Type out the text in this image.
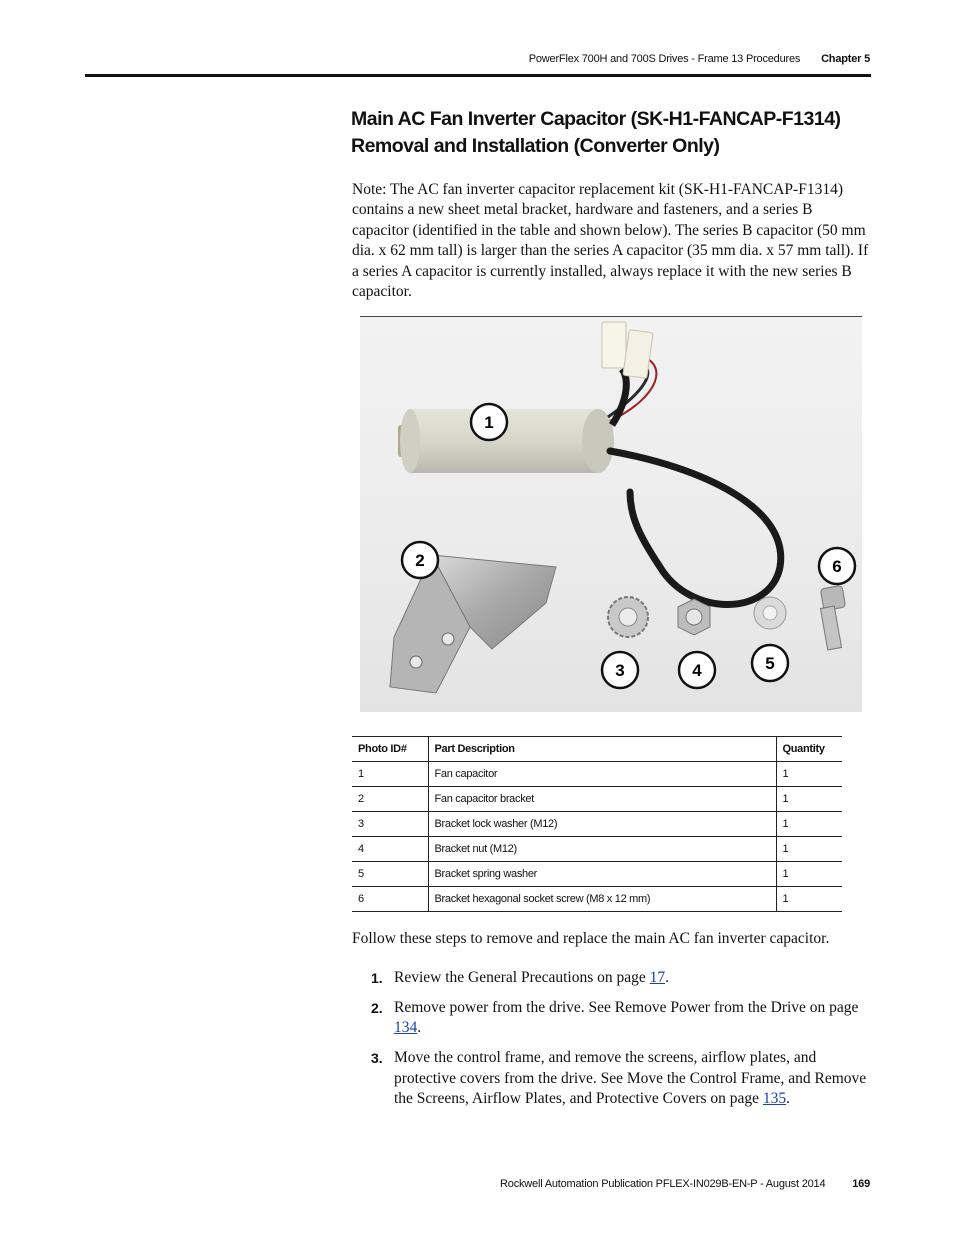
PowerFlex 700H and 700S Drives - Frame 13 Procedures Chapter 5
Main AC Fan Inverter Capacitor (SK-H1-FANCAP-F1314) Removal and Installation (Converter Only)

Note: The AC fan inverter capacitor replacement kit (SK-H1-FANCAP-F1314) contains a new sheet metal bracket, hardware and fasteners, and a series B capacitor (identified in the table and shown below). The series B capacitor (50 mm dia. x 62 mm tall) is larger than the series A capacitor (35 mm dia. x 57 mm tall). If a series A capacitor is currently installed, always replace it with the new series B capacitor.

1
2
3	4	5
6
Photo ID#	Part Description	Quantity
1	Fan capacitor	1
2	Fan capacitor bracket	1
3	Bracket lock washer (M12)	1
4	Bracket nut (M12)	1
5	Bracket spring washer	1
6	Bracket hexagonal socket screw (M8 x 12 mm)	1

Follow these steps to remove and replace the main AC fan inverter capacitor.

1. Review the General Precautions on page 17.
2. Remove power from the drive. See Remove Power from the Drive on page 134.
3. Move the control frame, and remove the screens, airflow plates, and protective covers from the drive. See Move the Control Frame, and Remove the Screens, Airflow Plates, and Protective Covers on page 135.
Rockwell Automation Publication PFLEX-IN029B-EN-P - August 2014 169
